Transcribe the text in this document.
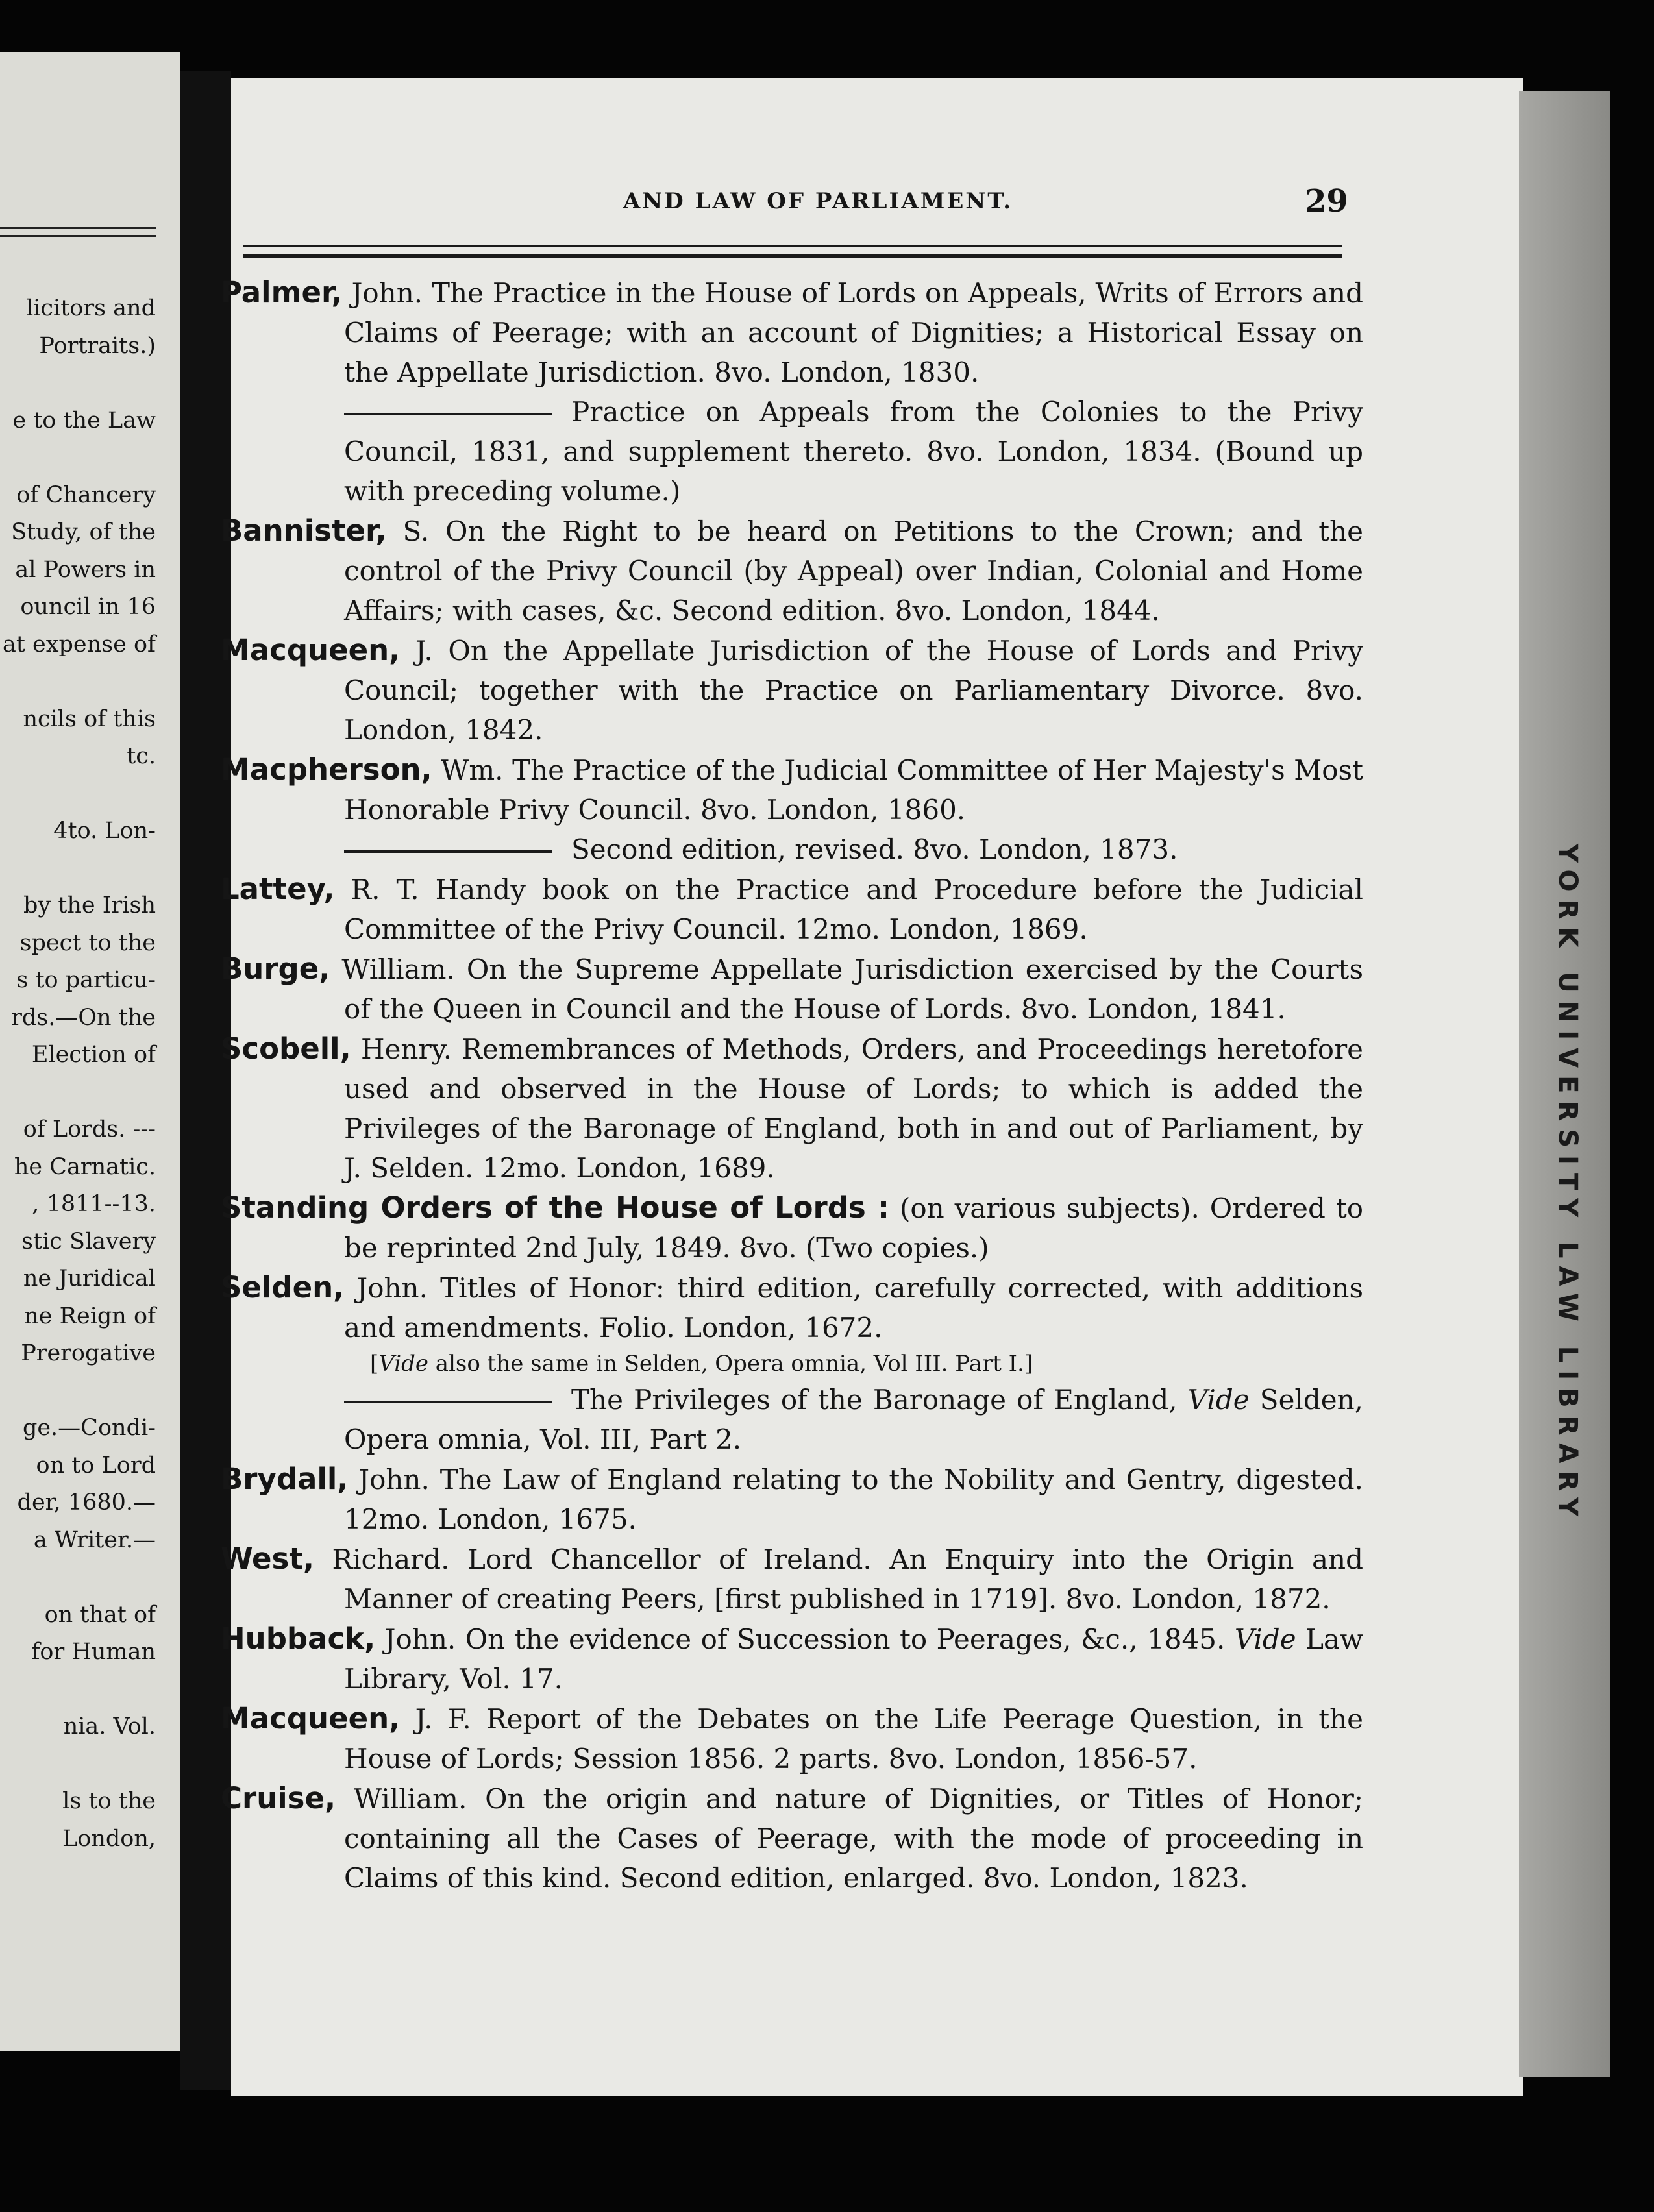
licitors and
Portraits.)
e to the Law
of Chancery
Study, of the
al Powers in
ouncil in 16
at expense of
ncils of this
tc.
4to. Lon-
by the Irish
spect to the
s to particu-
rds.—On the
Election of
of Lords. ---
he Carnatic.
, 1811--13.
stic Slavery
ne Juridical
ne Reign of
Prerogative
ge.—Condi-
on to Lord
der, 1680.—
a Writer.—
on that of
for Human
nia. Vol.
ls to the
London,
YORK UNIVERSITY LAW LIBRARY
AND LAW OF PARLIAMENT.	29

Palmer, John. The Practice in the House of Lords on Appeals, Writs of Errors and Claims of Peerage; with an account of Dignities; a Historical Essay on the Appellate Jurisdiction. 8vo. London, 1830.

Practice on Appeals from the Colonies to the Privy Council, 1831, and supplement thereto. 8vo. London, 1834. (Bound up with preceding volume.)

Bannister, S. On the Right to be heard on Petitions to the Crown; and the control of the Privy Council (by Appeal) over Indian, Colonial and Home Affairs; with cases, &c. Second edition. 8vo. London, 1844.

Macqueen, J. On the Appellate Jurisdiction of the House of Lords and Privy Council; together with the Practice on Parliamentary Divorce. 8vo. London, 1842.

Macpherson, Wm. The Practice of the Judicial Committee of Her Majesty's Most Honorable Privy Council. 8vo. London, 1860.

Second edition, revised. 8vo. London, 1873.

Lattey, R. T. Handy book on the Practice and Procedure before the Judicial Committee of the Privy Council. 12mo. London, 1869.

Burge, William. On the Supreme Appellate Jurisdiction exercised by the Courts of the Queen in Council and the House of Lords. 8vo. London, 1841.

Scobell, Henry. Remembrances of Methods, Orders, and Proceedings heretofore used and observed in the House of Lords; to which is added the Privileges of the Baronage of England, both in and out of Parliament, by J. Selden. 12mo. London, 1689.

Standing Orders of the House of Lords : (on various subjects). Ordered to be reprinted 2nd July, 1849. 8vo. (Two copies.)

Selden, John. Titles of Honor: third edition, carefully corrected, with additions and amendments. Folio. London, 1672.

[Vide also the same in Selden, Opera omnia, Vol III. Part I.]

The Privileges of the Baronage of England, Vide Selden, Opera omnia, Vol. III, Part 2.

Brydall, John. The Law of England relating to the Nobility and Gentry, digested. 12mo. London, 1675.

West, Richard. Lord Chancellor of Ireland. An Enquiry into the Origin and Manner of creating Peers, [first published in 1719]. 8vo. London, 1872.

Hubback, John. On the evidence of Succession to Peerages, &c., 1845. Vide Law Library, Vol. 17.

Macqueen, J. F. Report of the Debates on the Life Peerage Question, in the House of Lords; Session 1856. 2 parts. 8vo. London, 1856-57.

Cruise, William. On the origin and nature of Dignities, or Titles of Honor; containing all the Cases of Peerage, with the mode of proceeding in Claims of this kind. Second edition, enlarged. 8vo. London, 1823.
